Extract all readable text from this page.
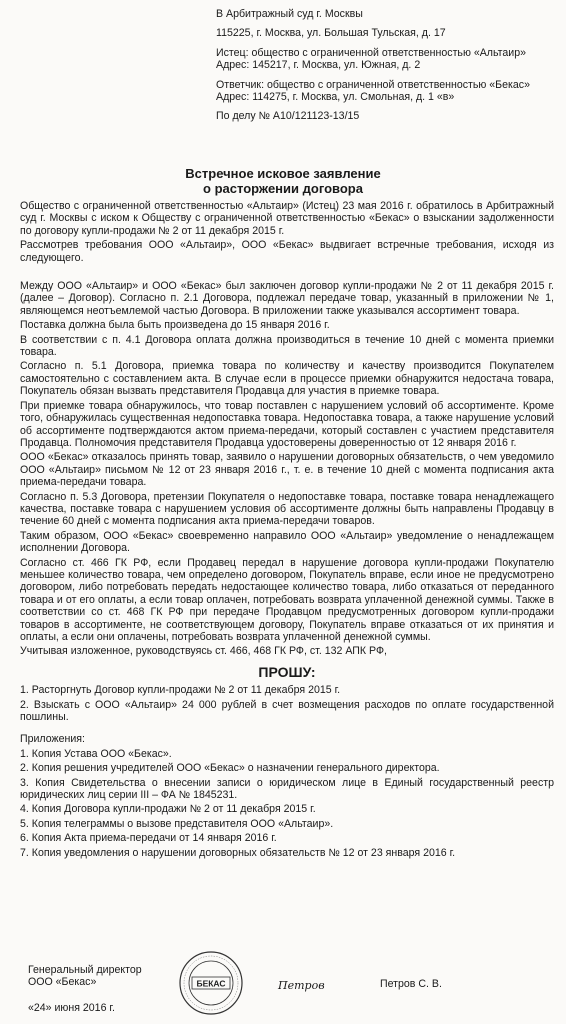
В Арбитражный суд г. Москвы

115225, г. Москва, ул. Большая Тульская, д. 17

Истец: общество с ограниченной ответственностью «Альтаир»
Адрес: 145217, г. Москва, ул. Южная, д. 2

Ответчик: общество с ограниченной ответственностью «Бекас»
Адрес: 114275, г. Москва, ул. Смольная, д. 1 «в»

По делу № А10/121123-13/15

Встречное исковое заявление
о расторжении договора

Общество с ограниченной ответственностью «Альтаир» (Истец) 23 мая 2016 г. обратилось в Арбитражный суд г. Москвы с иском к Обществу с ограниченной ответственностью «Бекас» о взыскании задолженности по договору купли-продажи № 2 от 11 декабря 2015 г.

Рассмотрев требования ООО «Альтаир», ООО «Бекас» выдвигает встречные требования, исходя из следующего.

Между ООО «Альтаир» и ООО «Бекас» был заключен договор купли-продажи № 2 от 11 декабря 2015 г. (далее – Договор). Согласно п. 2.1 Договора, подлежал передаче товар, указанный в приложении № 1, являющемся неотъемлемой частью Договора. В приложении также указывался ассортимент товара.

Поставка должна была быть произведена до 15 января 2016 г.

В соответствии с п. 4.1 Договора оплата должна производиться в течение 10 дней с момента приемки товара.

Согласно п. 5.1 Договора, приемка товара по количеству и качеству производится Покупателем самостоятельно с составлением акта. В случае если в процессе приемки обнаружится недостача товара, Покупатель обязан вызвать представителя Продавца для участия в приемке товара.

При приемке товара обнаружилось, что товар поставлен с нарушением условий об ассортименте. Кроме того, обнаружилась существенная недопоставка товара. Недопоставка товара, а также нарушение условий об ассортименте подтверждаются актом приема-передачи, который составлен с участием представителя Продавца. Полномочия представителя Продавца удостоверены доверенностью от 12 января 2016 г.

ООО «Бекас» отказалось принять товар, заявило о нарушении договорных обязательств, о чем уведомило ООО «Альтаир» письмом № 12 от 23 января 2016 г., т. е. в течение 10 дней с момента подписания акта приема-передачи товара.

Согласно п. 5.3 Договора, претензии Покупателя о недопоставке товара, поставке товара ненадлежащего качества, поставке товара с нарушением условия об ассортименте должны быть направлены Продавцу в течение 60 дней с момента подписания акта приема-передачи товаров.

Таким образом, ООО «Бекас» своевременно направило ООО «Альтаир» уведомление о ненадлежащем исполнении Договора.

Согласно ст. 466 ГК РФ, если Продавец передал в нарушение договора купли-продажи Покупателю меньшее количество товара, чем определено договором, Покупатель вправе, если иное не предусмотрено договором, либо потребовать передать недостающее количество товара, либо отказаться от переданного товара и от его оплаты, а если товар оплачен, потребовать возврата уплаченной денежной суммы. Также в соответствии со ст. 468 ГК РФ при передаче Продавцом предусмотренных договором купли-продажи товаров в ассортименте, не соответствующем договору, Покупатель вправе отказаться от их принятия и оплаты, а если они оплачены, потребовать возврата уплаченной денежной суммы.

Учитывая изложенное, руководствуясь ст. 466, 468 ГК РФ, ст. 132 АПК РФ,

ПРОШУ:

1. Расторгнуть Договор купли-продажи № 2 от 11 декабря 2015 г.

2. Взыскать с ООО «Альтаир» 24 000 рублей в счет возмещения расходов по оплате государственной пошлины.

Приложения:

1. Копия Устава ООО «Бекас».

2. Копия решения учредителей ООО «Бекас» о назначении генерального директора.

3. Копия Свидетельства о внесении записи о юридическом лице в Единый государственный реестр юридических лиц серии III – ФА № 1845231.

4. Копия Договора купли-продажи № 2 от 11 декабря 2015 г.

5. Копия телеграммы о вызове представителя ООО «Альтаир».

6. Копия Акта приема-передачи от 14 января 2016 г.

7. Копия уведомления о нарушении договорных обязательств № 12 от 23 января 2016 г.

Генеральный директор

ООО «Бекас»

«24» июня 2016 г.
БЕКАС	Петров	Петров С. В.
